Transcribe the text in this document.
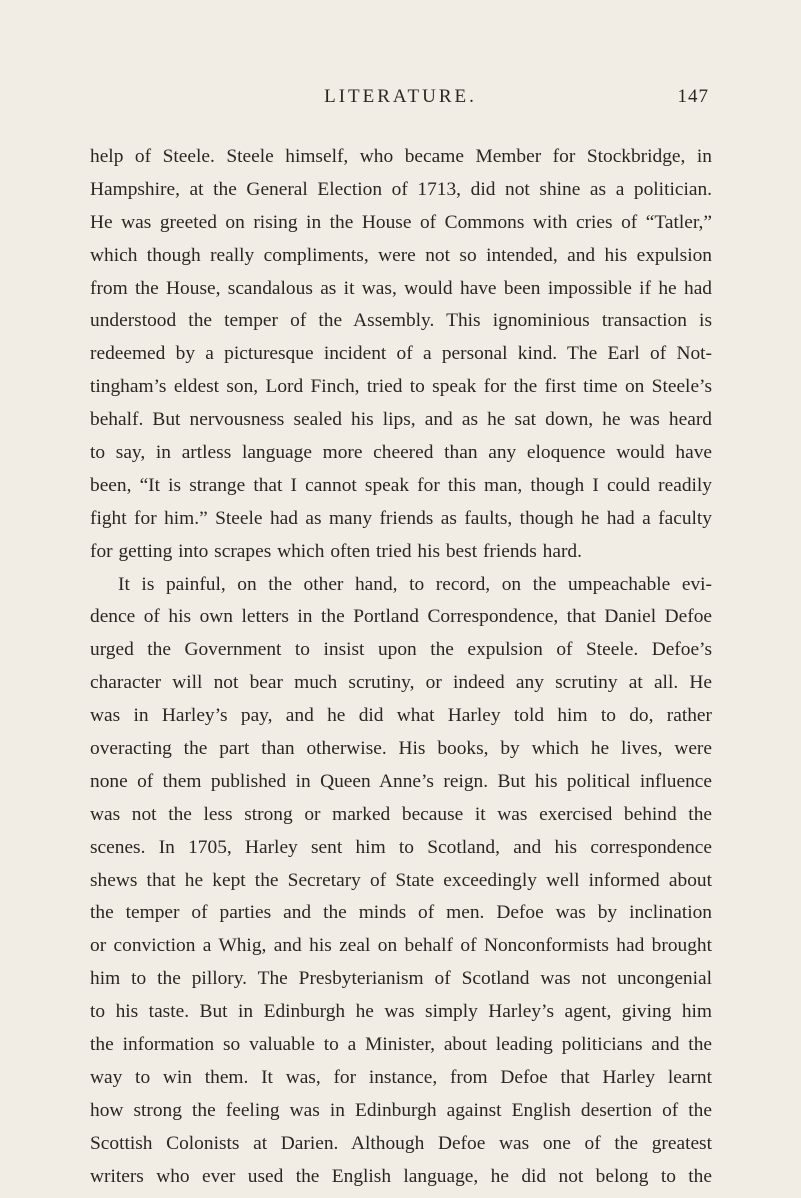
LITERATURE.	147
help of Steele. Steele himself, who became Member for Stockbridge, in
Hampshire, at the General Election of 1713, did not shine as a politician.
He was greeted on rising in the House of Commons with cries of “Tatler,”
which though really compliments, were not so intended, and his expulsion
from the House, scandalous as it was, would have been impossible if he had
understood the temper of the Assembly. This ignominious transaction is
redeemed by a picturesque incident of a personal kind. The Earl of Not-
tingham’s eldest son, Lord Finch, tried to speak for the first time on Steele’s
behalf. But nervousness sealed his lips, and as he sat down, he was heard
to say, in artless language more cheered than any eloquence would have
been, “It is strange that I cannot speak for this man, though I could readily
fight for him.” Steele had as many friends as faults, though he had a faculty
for getting into scrapes which often tried his best friends hard.
It is painful, on the other hand, to record, on the umpeachable evi-
dence of his own letters in the Portland Correspondence, that Daniel Defoe
urged the Government to insist upon the expulsion of Steele. Defoe’s
character will not bear much scrutiny, or indeed any scrutiny at all. He
was in Harley’s pay, and he did what Harley told him to do, rather
overacting the part than otherwise. His books, by which he lives, were
none of them published in Queen Anne’s reign. But his political influence
was not the less strong or marked because it was exercised behind the
scenes. In 1705, Harley sent him to Scotland, and his correspondence
shews that he kept the Secretary of State exceedingly well informed about
the temper of parties and the minds of men. Defoe was by inclination
or conviction a Whig, and his zeal on behalf of Nonconformists had brought
him to the pillory. The Presbyterianism of Scotland was not uncongenial
to his taste. But in Edinburgh he was simply Harley’s agent, giving him
the information so valuable to a Minister, about leading politicians and the
way to win them. It was, for instance, from Defoe that Harley learnt
how strong the feeling was in Edinburgh against English desertion of the
Scottish Colonists at Darien. Although Defoe was one of the greatest
writers who ever used the English language, he did not belong to the
